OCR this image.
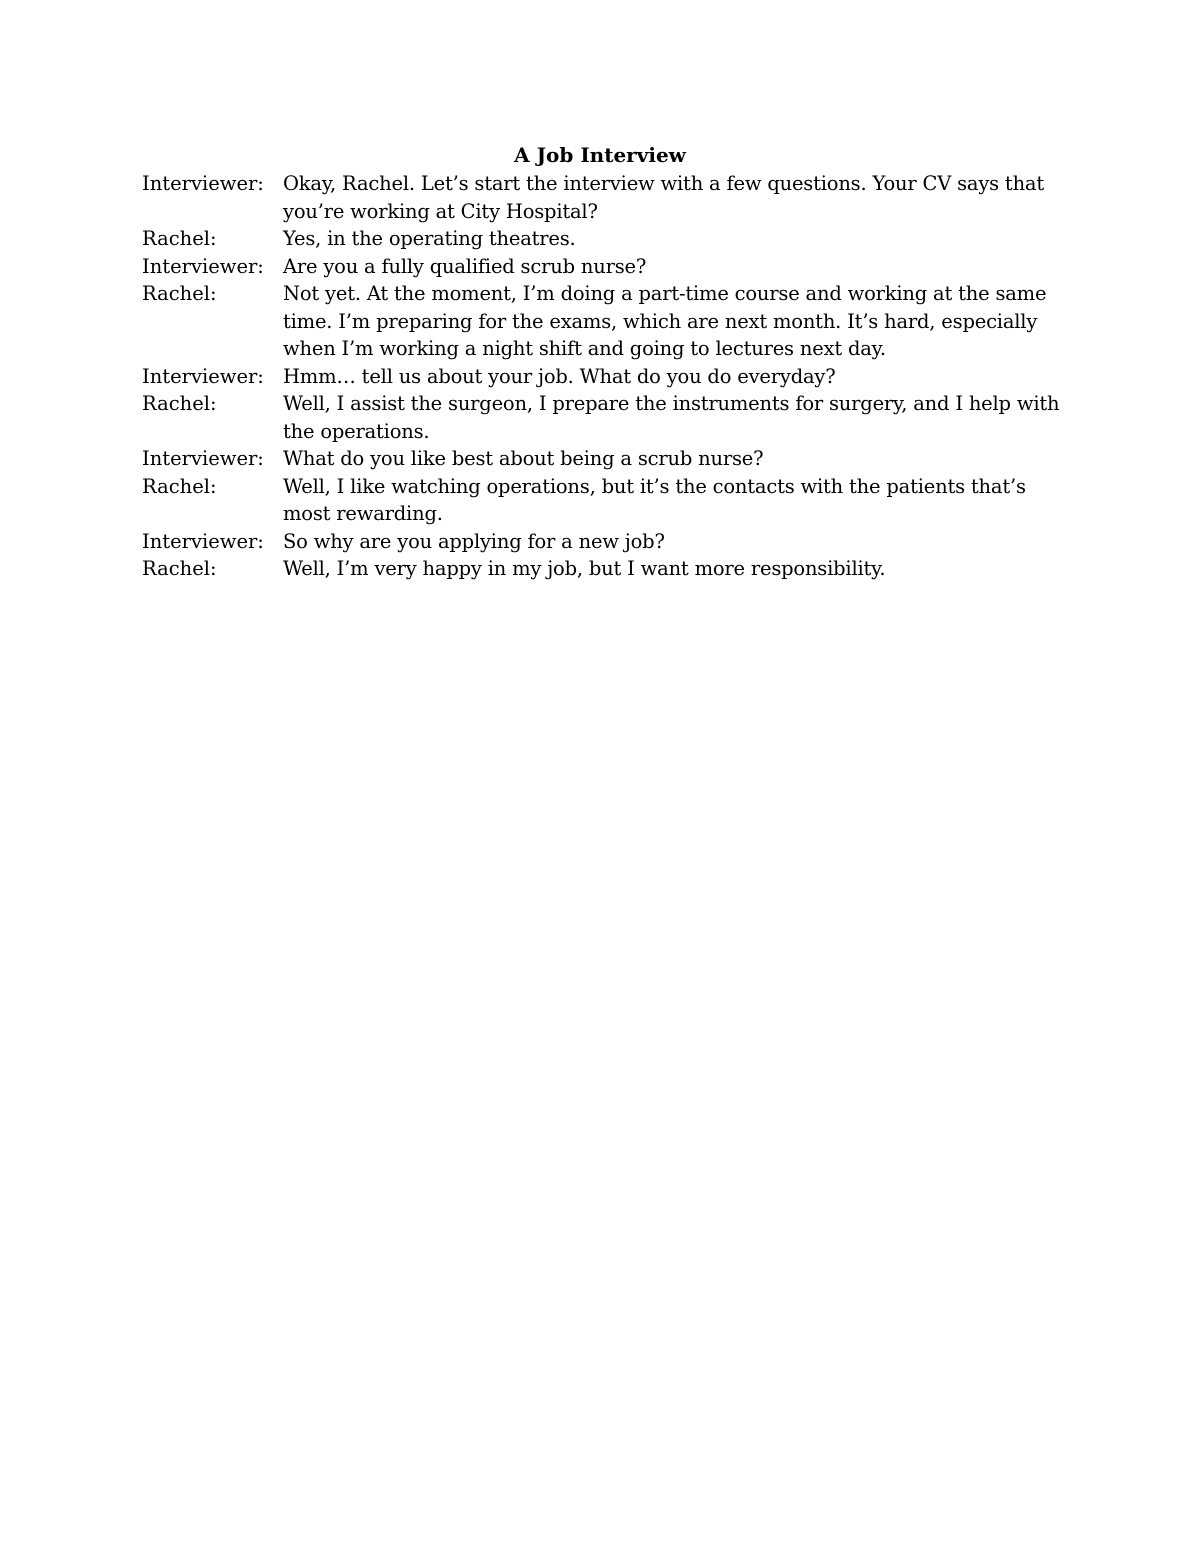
A Job Interview
Interviewer: Okay, Rachel. Let’s start the interview with a few questions. Your CV says that you’re working at City Hospital?
Rachel:	Yes, in the operating theatres.
Interviewer: Are you a fully qualified scrub nurse?
Rachel:	Not yet. At the moment, I’m doing a part-time course and working at the same time. I’m preparing for the exams, which are next month. It’s hard, especially when I’m working a night shift and going to lectures next day.
Interviewer: Hmm… tell us about your job. What do you do everyday?
Rachel:	Well, I assist the surgeon, I prepare the instruments for surgery, and I help with the operations.
Interviewer: What do you like best about being a scrub nurse?
Rachel:	Well, I like watching operations, but it’s the contacts with the patients that’s most rewarding.
Interviewer: So why are you applying for a new job?
Rachel:	Well, I’m very happy in my job, but I want more responsibility.
